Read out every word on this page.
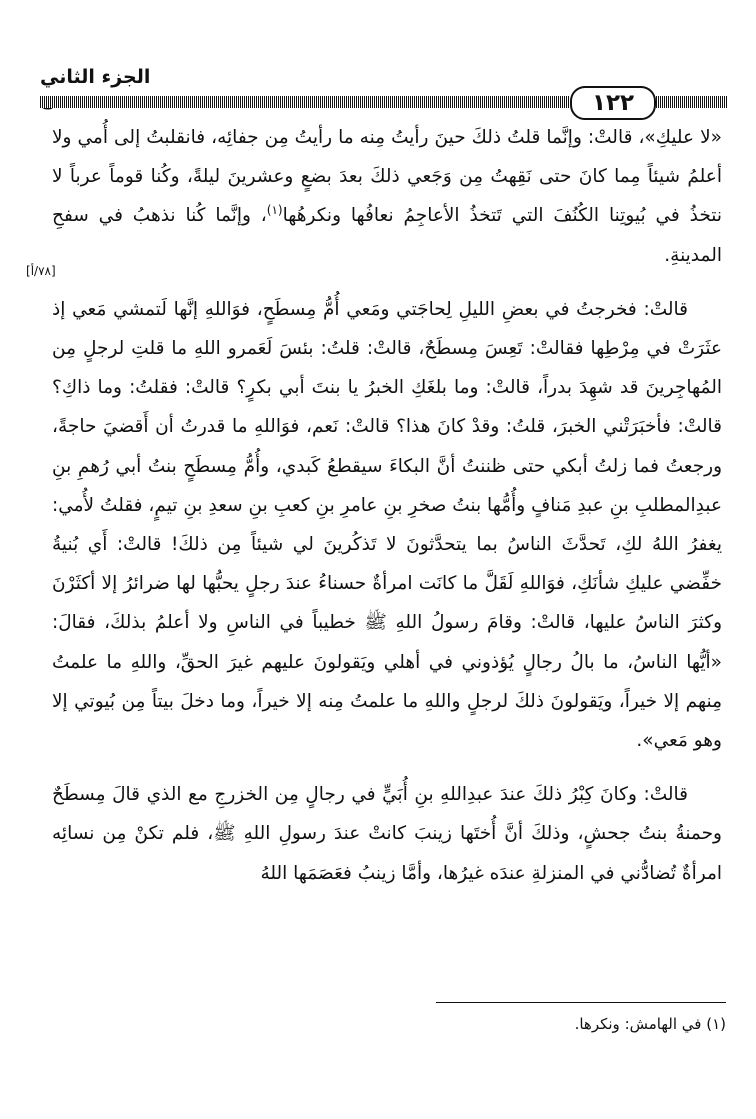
الجزء الثاني
١٢٢
[٧٨/أ]

«لا عليكِ»، قالتْ: وإنَّما قلتُ ذلكَ حينَ رأيتُ مِنه ما رأيتُ مِن جفائِه، فانقلبتُ إلى أُمي ولا أعلمُ شيئاً مِما كانَ حتى نَقِهتُ مِن وَجَعي ذلكَ بعدَ بضعٍ وعشرينَ ليلةً، وكُنا قوماً عرباً لا نتخذُ في بُيوتِنا الكُنُفَ التي تَتخذُ الأعاجِمُ نعافُها ونكرهُها$^{(١)}$، وإنَّما كُنا نذهبُ في سفحِ المدينةِ.

قالتْ: فخرجتُ في بعضِ الليلِ لِحاجَتي ومَعي أُمُّ مِسطَحٍ، فوَاللهِ إنَّها لَتمشي مَعي إذ عثَرَتْ في مِرْطِها فقالتْ: تَعِسَ مِسطَحٌ، قالتْ: قلتُ: بئسَ لَعَمرو اللهِ ما قلتِ لرجلٍ مِن المُهاجِرينَ قد شهِدَ بدراً، قالتْ: وما بلغَكِ الخبرُ يا بنتَ أبي بكرٍ؟ قالتْ: فقلتُ: وما ذاكِ؟ قالتْ: فأخبَرَتْني الخبرَ، قلتُ: وقدْ كانَ هذا؟ قالتْ: نَعم، فوَاللهِ ما قدرتُ أن أَقضيَ حاجةً، ورجعتُ فما زلتُ أبكي حتى ظننتُ أنَّ البكاءَ سيقطعُ كَبدي، وأُمُّ مِسطَحٍ بنتُ أبي رُهمِ بنِ عبدِالمطلبِ بنِ عبدِ مَنافٍ وأُمُّها بنتُ صخرِ بنِ عامرِ بنِ كعبِ بنِ سعدِ بنِ تيمٍ، فقلتُ لأُمي: يغفرُ اللهُ لكِ، تَحدَّثَ الناسُ بما يتحدَّثونَ لا تَذكُرينَ لي شيئاً مِن ذلكَ! قالتْ: أَي بُنيةُ خفِّضي عليكِ شأنَكِ، فوَاللهِ لَقَلَّ ما كانَت امرأةٌ حسناءُ عندَ رجلٍ يحبُّها لها ضرائرُ إلا أكثَرْنَ وكثرَ الناسُ عليها، قالتْ: وقامَ رسولُ اللهِ ﷺ خطيباً في الناسِ ولا أعلمُ بذلكَ، فقالَ: «أيُّها الناسُ، ما بالُ رجالٍ يُؤذوني في أهلي ويَقولونَ عليهم غيرَ الحقِّ، واللهِ ما علمتُ مِنهم إلا خيراً، ويَقولونَ ذلكَ لرجلٍ واللهِ ما علمتُ مِنه إلا خيراً، وما دخلَ بيتاً مِن بُيوتي إلا وهو مَعي».

قالتْ: وكانَ كِبْرُ ذلكَ عندَ عبدِاللهِ بنِ أُبَيٍّ في رجالٍ مِن الخزرجِ مع الذي قالَ مِسطَحٌ وحمنةُ بنتُ جحشٍ، وذلكَ أنَّ أُختَها زينبَ كانتْ عندَ رسولِ اللهِ ﷺ، فلم تكنْ مِن نسائِه امرأةٌ تُضادُّني في المنزلةِ عندَه غيرُها، وأمَّا زينبُ فعَصَمَها اللهُ

(١) في الهامش: ونكرها.
